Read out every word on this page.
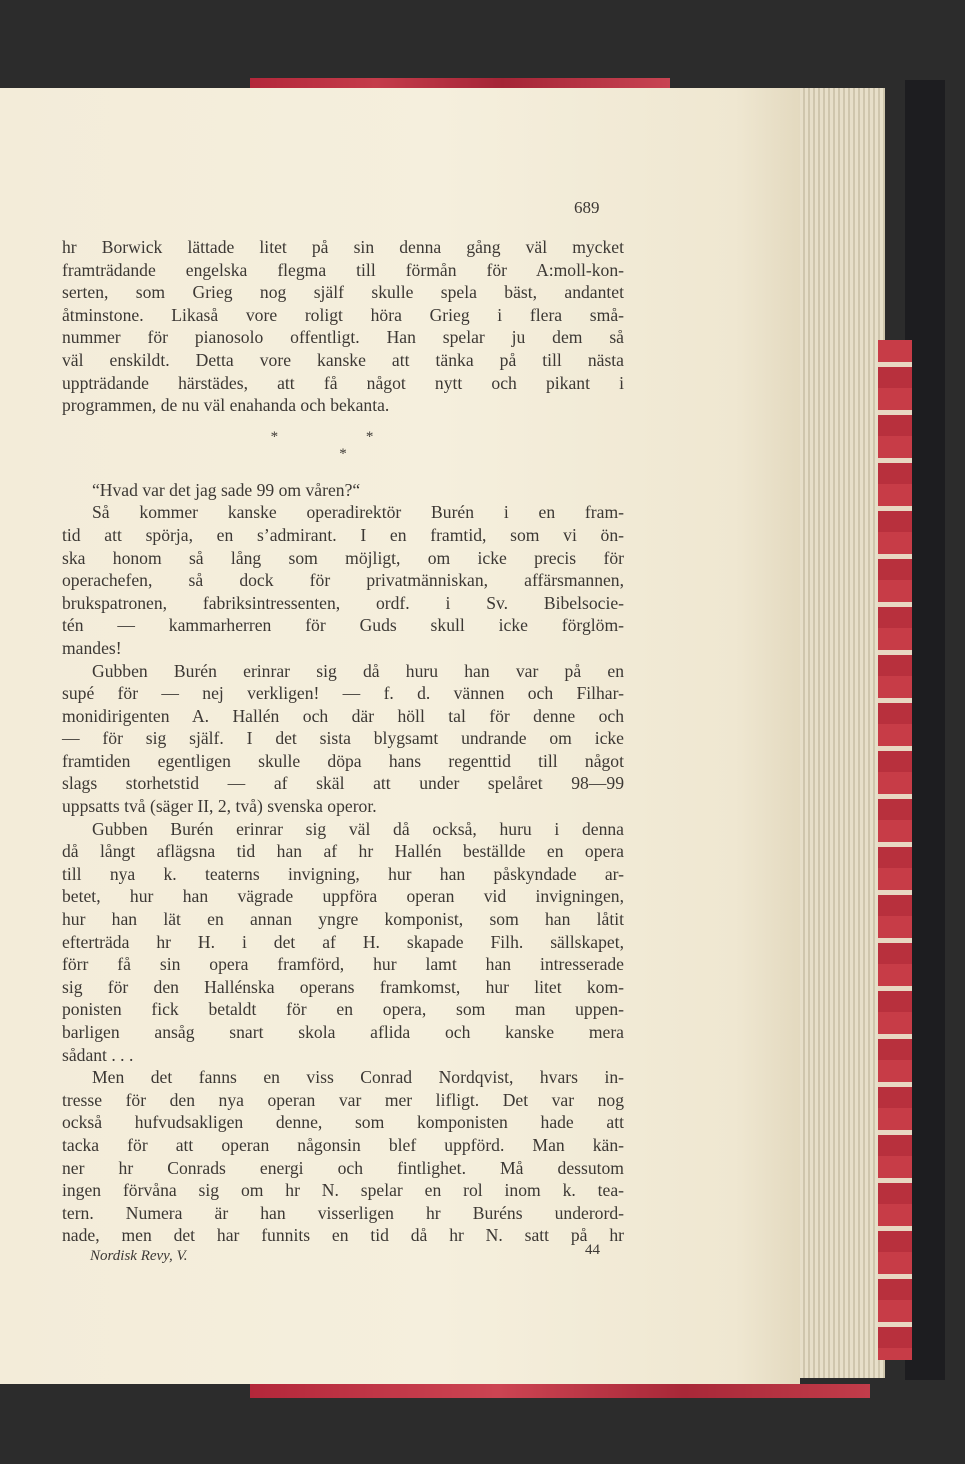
689

hr Borwick lättade litet på sin denna gång väl mycket

framträdande engelska flegma till förmån för A:moll-kon-

serten, som Grieg nog själf skulle spela bäst, andantet

åtminstone. Likaså vore roligt höra Grieg i flera små-

nummer för pianosolo offentligt. Han spelar ju dem så

väl enskildt. Detta vore kanske att tänka på till nästa

uppträdande härstädes, att få något nytt och pikant i

programmen, de nu väl enahanda och bekanta.

* *
*

“Hvad var det jag sade 99 om våren?“

Så kommer kanske operadirektör Burén i en fram-

tid att spörja, en s’admirant. I en framtid, som vi ön-

ska honom så lång som möjligt, om icke precis för

operachefen, så dock för privatmänniskan, affärsmannen,

brukspatronen, fabriksintressenten, ordf. i Sv. Bibelsocie-

tén — kammarherren för Guds skull icke förglöm-

mandes!

Gubben Burén erinrar sig då huru han var på en

supé för — nej verkligen! — f. d. vännen och Filhar-

monidirigenten A. Hallén och där höll tal för denne och

— för sig själf. I det sista blygsamt undrande om icke

framtiden egentligen skulle döpa hans regenttid till något

slags storhetstid — af skäl att under spelåret 98—99

uppsatts två (säger II, 2, två) svenska operor.

Gubben Burén erinrar sig väl då också, huru i denna

då långt aflägsna tid han af hr Hallén beställde en opera

till nya k. teaterns invigning, hur han påskyndade ar-

betet, hur han vägrade uppföra operan vid invigningen,

hur han lät en annan yngre komponist, som han låtit

efterträda hr H. i det af H. skapade Filh. sällskapet,

förr få sin opera framförd, hur lamt han intresserade

sig för den Hallénska operans framkomst, hur litet kom-

ponisten fick betaldt för en opera, som man uppen-

barligen ansåg snart skola aflida och kanske mera

sådant . . .

Men det fanns en viss Conrad Nordqvist, hvars in-

tresse för den nya operan var mer lifligt. Det var nog

också hufvudsakligen denne, som komponisten hade att

tacka för att operan någonsin blef uppförd. Man kän-

ner hr Conrads energi och fintlighet. Må dessutom

ingen förvåna sig om hr N. spelar en rol inom k. tea-

tern. Numera är han visserligen hr Buréns underord-

nade, men det har funnits en tid då hr N. satt på hr

Nordisk Revy, V.	44
